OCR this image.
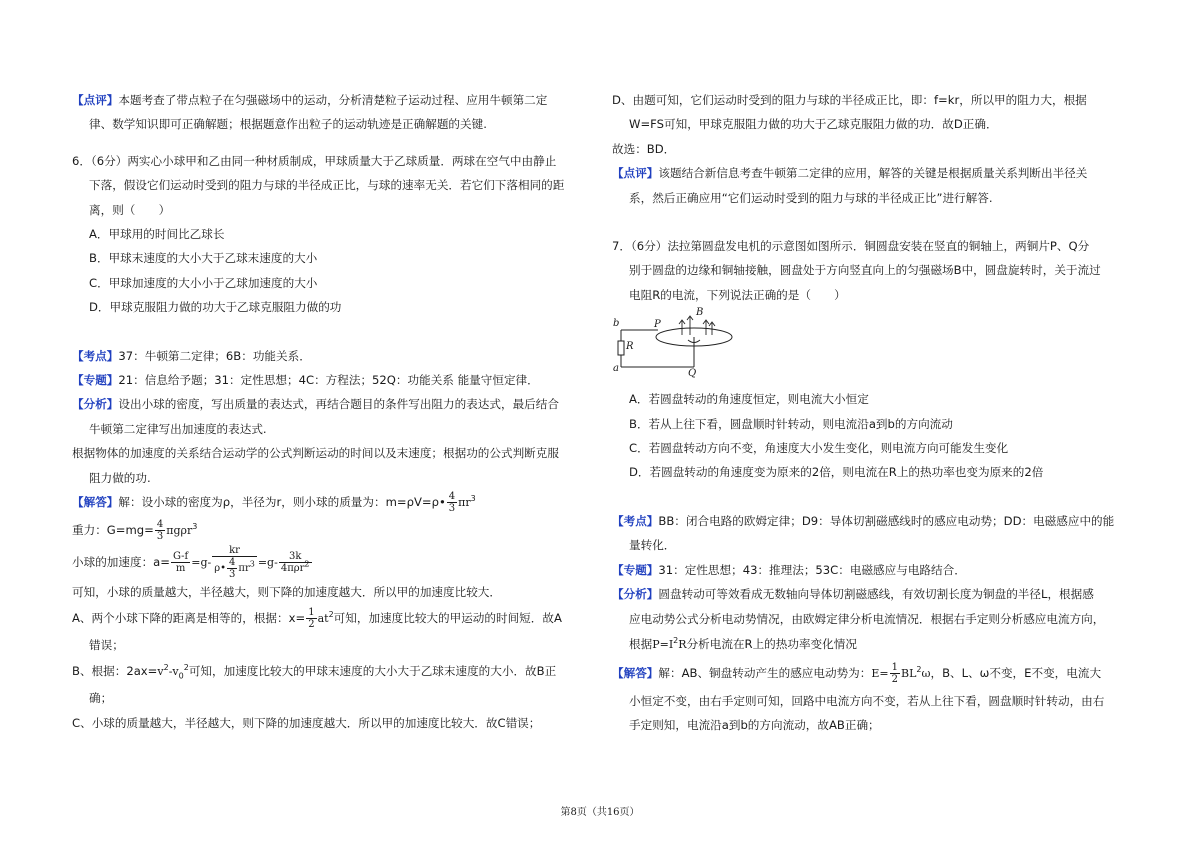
【点评】本题考查了带点粒子在匀强磁场中的运动，分析清楚粒子运动过程、应用牛顿第二定

律、数学知识即可正确解题；根据题意作出粒子的运动轨迹是正确解题的关键.

6．（6分）两实心小球甲和乙由同一种材质制成，甲球质量大于乙球质量．两球在空气中由静止

下落，假设它们运动时受到的阻力与球的半径成正比，与球的速率无关．若它们下落相同的距

离，则（　　）

A．甲球用的时间比乙球长

B．甲球末速度的大小大于乙球末速度的大小

C．甲球加速度的大小小于乙球加速度的大小

D．甲球克服阻力做的功大于乙球克服阻力做的功

【考点】37：牛顿第二定律；6B：功能关系．

【专题】21：信息给予题；31：定性思想；4C：方程法；52Q：功能关系 能量守恒定律．

【分析】设出小球的密度，写出质量的表达式，再结合题目的条件写出阻力的表达式，最后结合

牛顿第二定律写出加速度的表达式.

根据物体的加速度的关系结合运动学的公式判断运动的时间以及末速度；根据功的公式判断克服

阻力做的功.

【解答】解：设小球的密度为ρ，半径为r，则小球的质量为：m=ρV=ρ• $\frac{4}{3} \pi r^3$

重力：$G=mg= \frac{4}{3} \pi g\rho r^3$

小球的加速度：$a= \frac{G-f}{m} =g- \frac{kr}{\rho• \frac{4}{3} \pi r^3} =g- \frac{3k}{4\pi\rho r^2}$

可知，小球的质量越大，半径越大，则下降的加速度越大．所以甲的加速度比较大．

A、两个小球下降的距离是相等的，根据：$x= \frac{1}{2} at^2$可知，加速度比较大的甲运动的时间短．故A

错误；

B、根据：$2ax=v^2-v_0^2$可知，加速度比较大的甲球末速度的大小大于乙球末速度的大小．故B正

确；

C、小球的质量越大，半径越大，则下降的加速度越大．所以甲的加速度比较大．故C错误；

D、由题可知，它们运动时受到的阻力与球的半径成正比，即：f=kr，所以甲的阻力大，根据

W=FS可知，甲球克服阻力做的功大于乙球克服阻力做的功．故D正确．

故选：BD．

【点评】该题结合新信息考查牛顿第二定律的应用，解答的关键是根据质量关系判断出半径关

系，然后正确应用“它们运动时受到的阻力与球的半径成正比”进行解答.

7．（6分）法拉第圆盘发电机的示意图如图所示．铜圆盘安装在竖直的铜轴上，两铜片P、Q分

别于圆盘的边缘和铜轴接触，圆盘处于方向竖直向上的匀强磁场B中，圆盘旋转时，关于流过

电阻R的电流，下列说法正确的是（　　）

b
a
P
B
R
Q

A．若圆盘转动的角速度恒定，则电流大小恒定

B．若从上往下看，圆盘顺时针转动，则电流沿a到b的方向流动

C．若圆盘转动方向不变，角速度大小发生变化，则电流方向可能发生变化

D．若圆盘转动的角速度变为原来的2倍，则电流在R上的热功率也变为原来的2倍

【考点】BB：闭合电路的欧姆定律；D9：导体切割磁感线时的感应电动势；DD：电磁感应中的能

量转化．

【专题】31：定性思想；43：推理法；53C：电磁感应与电路结合．

【分析】圆盘转动可等效看成无数轴向导体切割磁感线，有效切割长度为铜盘的半径L，根据感

应电动势公式分析电动势情况，由欧姆定律分析电流情况．根据右手定则分析感应电流方向，

根据$P=I^2R$分析电流在R上的热功率变化情况

【解答】解：AB、铜盘转动产生的感应电动势为：$E= \frac{1}{2} BL^2\omega$，B、L、ω不变，E不变，电流大

小恒定不变，由右手定则可知，回路中电流方向不变，若从上往下看，圆盘顺时针转动，由右

手定则知，电流沿a到b的方向流动，故AB正确；

第8页（共16页）
